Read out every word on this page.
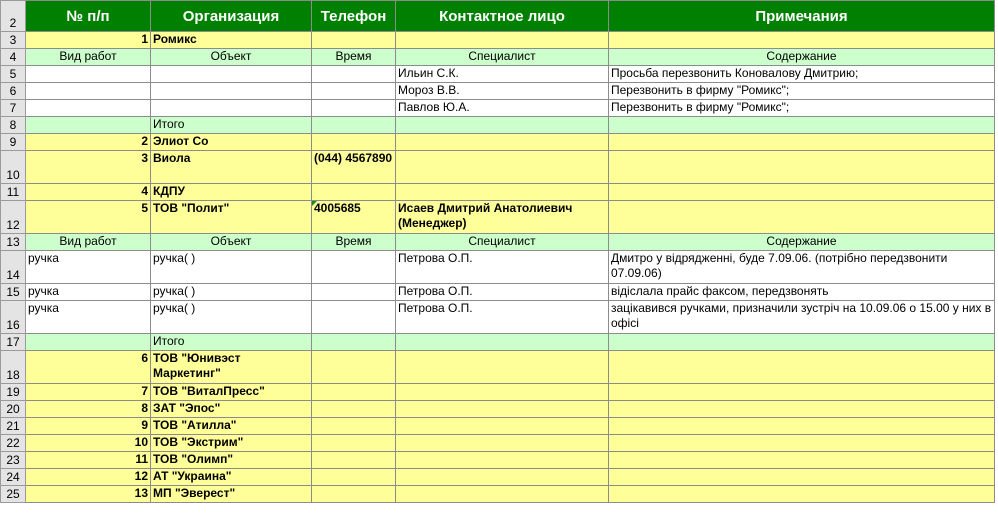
2	№ п/п	Организация	Телефон	Контактное лицо	Примечания
3	1	Ромикс			
4	Вид работ	Объект	Время	Специалист	Содержание
5				Ильин С.К.	Просьба перезвонить Коновалову Дмитрию;
6				Мороз В.В.	Перезвонить в фирму "Ромикс";
7				Павлов Ю.А.	Перезвонить в фирму "Ромикс";
8		Итого			
9	2	Элиот Со			
10	3	Виола	(044) 4567890		
11	4	КДПУ			
12	5	ТОВ "Полит"	4005685	Исаев Дмитрий Анатолиевич (Менеджер)	
13	Вид работ	Объект	Время	Специалист	Содержание
14	ручка	ручка( )		Петрова О.П.	Дмитро у відрядженні, буде 7.09.06. (потрібно передзвонити 07.09.06)
15	ручка	ручка( )		Петрова О.П.	відіслала прайс факсом, передзвонять
16	ручка	ручка( )		Петрова О.П.	зацікавився ручками, призначили зустріч на 10.09.06 о 15.00 у них в офісі
17		Итого			
18	6	ТОВ "Юнивэст Маркетинг"			
19	7	ТОВ "ВиталПресс"			
20	8	ЗАТ "Эпос"			
21	9	ТОВ "Атилла"			
22	10	ТОВ "Экстрим"			
23	11	ТОВ "Олимп"			
24	12	АТ "Украина"			
25	13	МП "Эверест"			
